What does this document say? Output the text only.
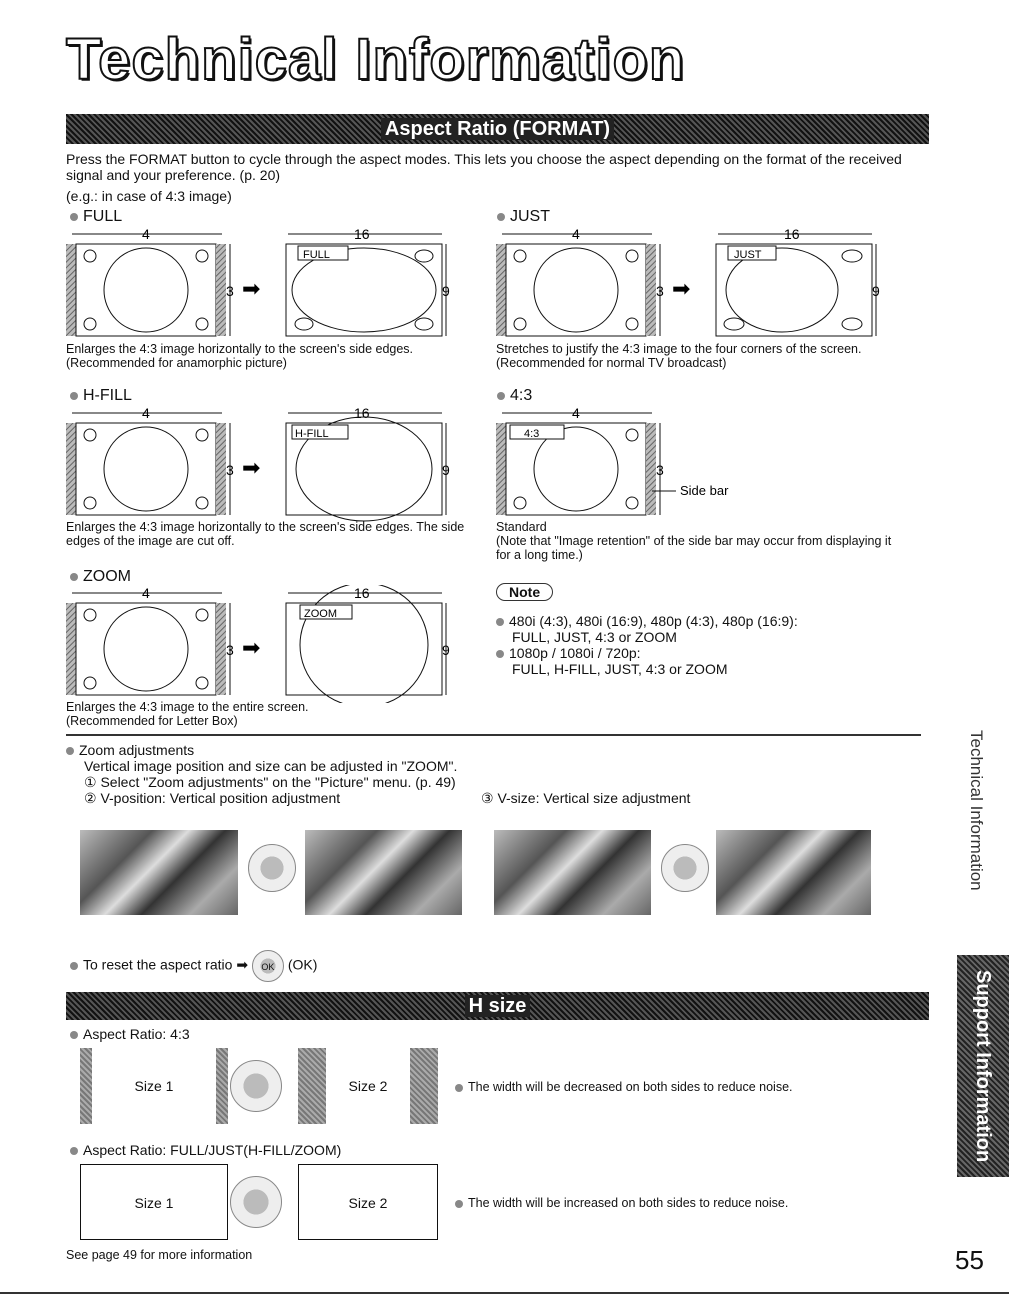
Technical Information
Aspect Ratio (FORMAT)
Press the FORMAT button to cycle through the aspect modes. This lets you choose the aspect depending on the format of the received signal and your preference. (p. 20)
(e.g.: in case of 4:3 image)
FULL
4
3 ➡
16
FULL
9
Enlarges the 4:3 image horizontally to the screen's side edges.
(Recommended for anamorphic picture)
JUST
4
3 ➡
16
JUST
9
Stretches to justify the 4:3 image to the four corners of the screen.
(Recommended for normal TV broadcast)
H-FILL
4
3 ➡
16
H-FILL
9
Enlarges the 4:3 image horizontally to the screen's side edges. The side edges of the image are cut off.
4:3
4
4:3
3
Side bar
Standard
(Note that "Image retention" of the side bar may occur from displaying it for a long time.)
ZOOM
4
3 ➡
16
ZOOM
9
Enlarges the 4:3 image to the entire screen.
(Recommended for Letter Box)
Note
480i (4:3), 480i (16:9), 480p (4:3), 480p (16:9):
FULL, JUST, 4:3 or ZOOM
1080p / 1080i / 720p:
FULL, H-FILL, JUST, 4:3 or ZOOM
Zoom adjustments
Vertical image position and size can be adjusted in "ZOOM".
① Select "Zoom adjustments" on the "Picture" menu. (p. 49)
② V-position: Vertical position adjustment	③ V-size: Vertical size adjustment
To reset the aspect ratio ➡ OK (OK)
H size
Aspect Ratio: 4:3
Size 1	Size 2	The width will be decreased on both sides to reduce noise.
Aspect Ratio: FULL/JUST(H-FILL/ZOOM)
Size 1	Size 2	The width will be increased on both sides to reduce noise.
See page 49 for more information
Technical Information
Support Information
55
